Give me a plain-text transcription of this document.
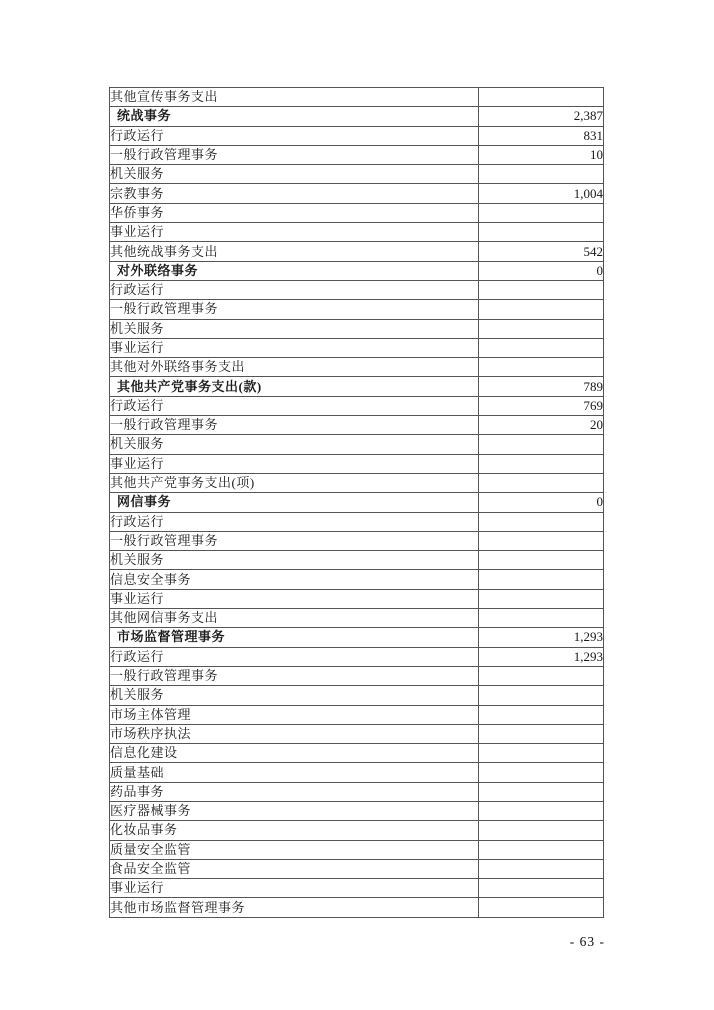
其他宣传事务支出	
统战事务	2,387
行政运行	831
一般行政管理事务	10
机关服务	
宗教事务	1,004
华侨事务	
事业运行	
其他统战事务支出	542
对外联络事务	0
行政运行	
一般行政管理事务	
机关服务	
事业运行	
其他对外联络事务支出	
其他共产党事务支出(款)	789
行政运行	769
一般行政管理事务	20
机关服务	
事业运行	
其他共产党事务支出(项)	
网信事务	0
行政运行	
一般行政管理事务	
机关服务	
信息安全事务	
事业运行	
其他网信事务支出	
市场监督管理事务	1,293
行政运行	1,293
一般行政管理事务	
机关服务	
市场主体管理	
市场秩序执法	
信息化建设	
质量基础	
药品事务	
医疗器械事务	
化妆品事务	
质量安全监管	
食品安全监管	
事业运行	
其他市场监督管理事务	
- 63 -
